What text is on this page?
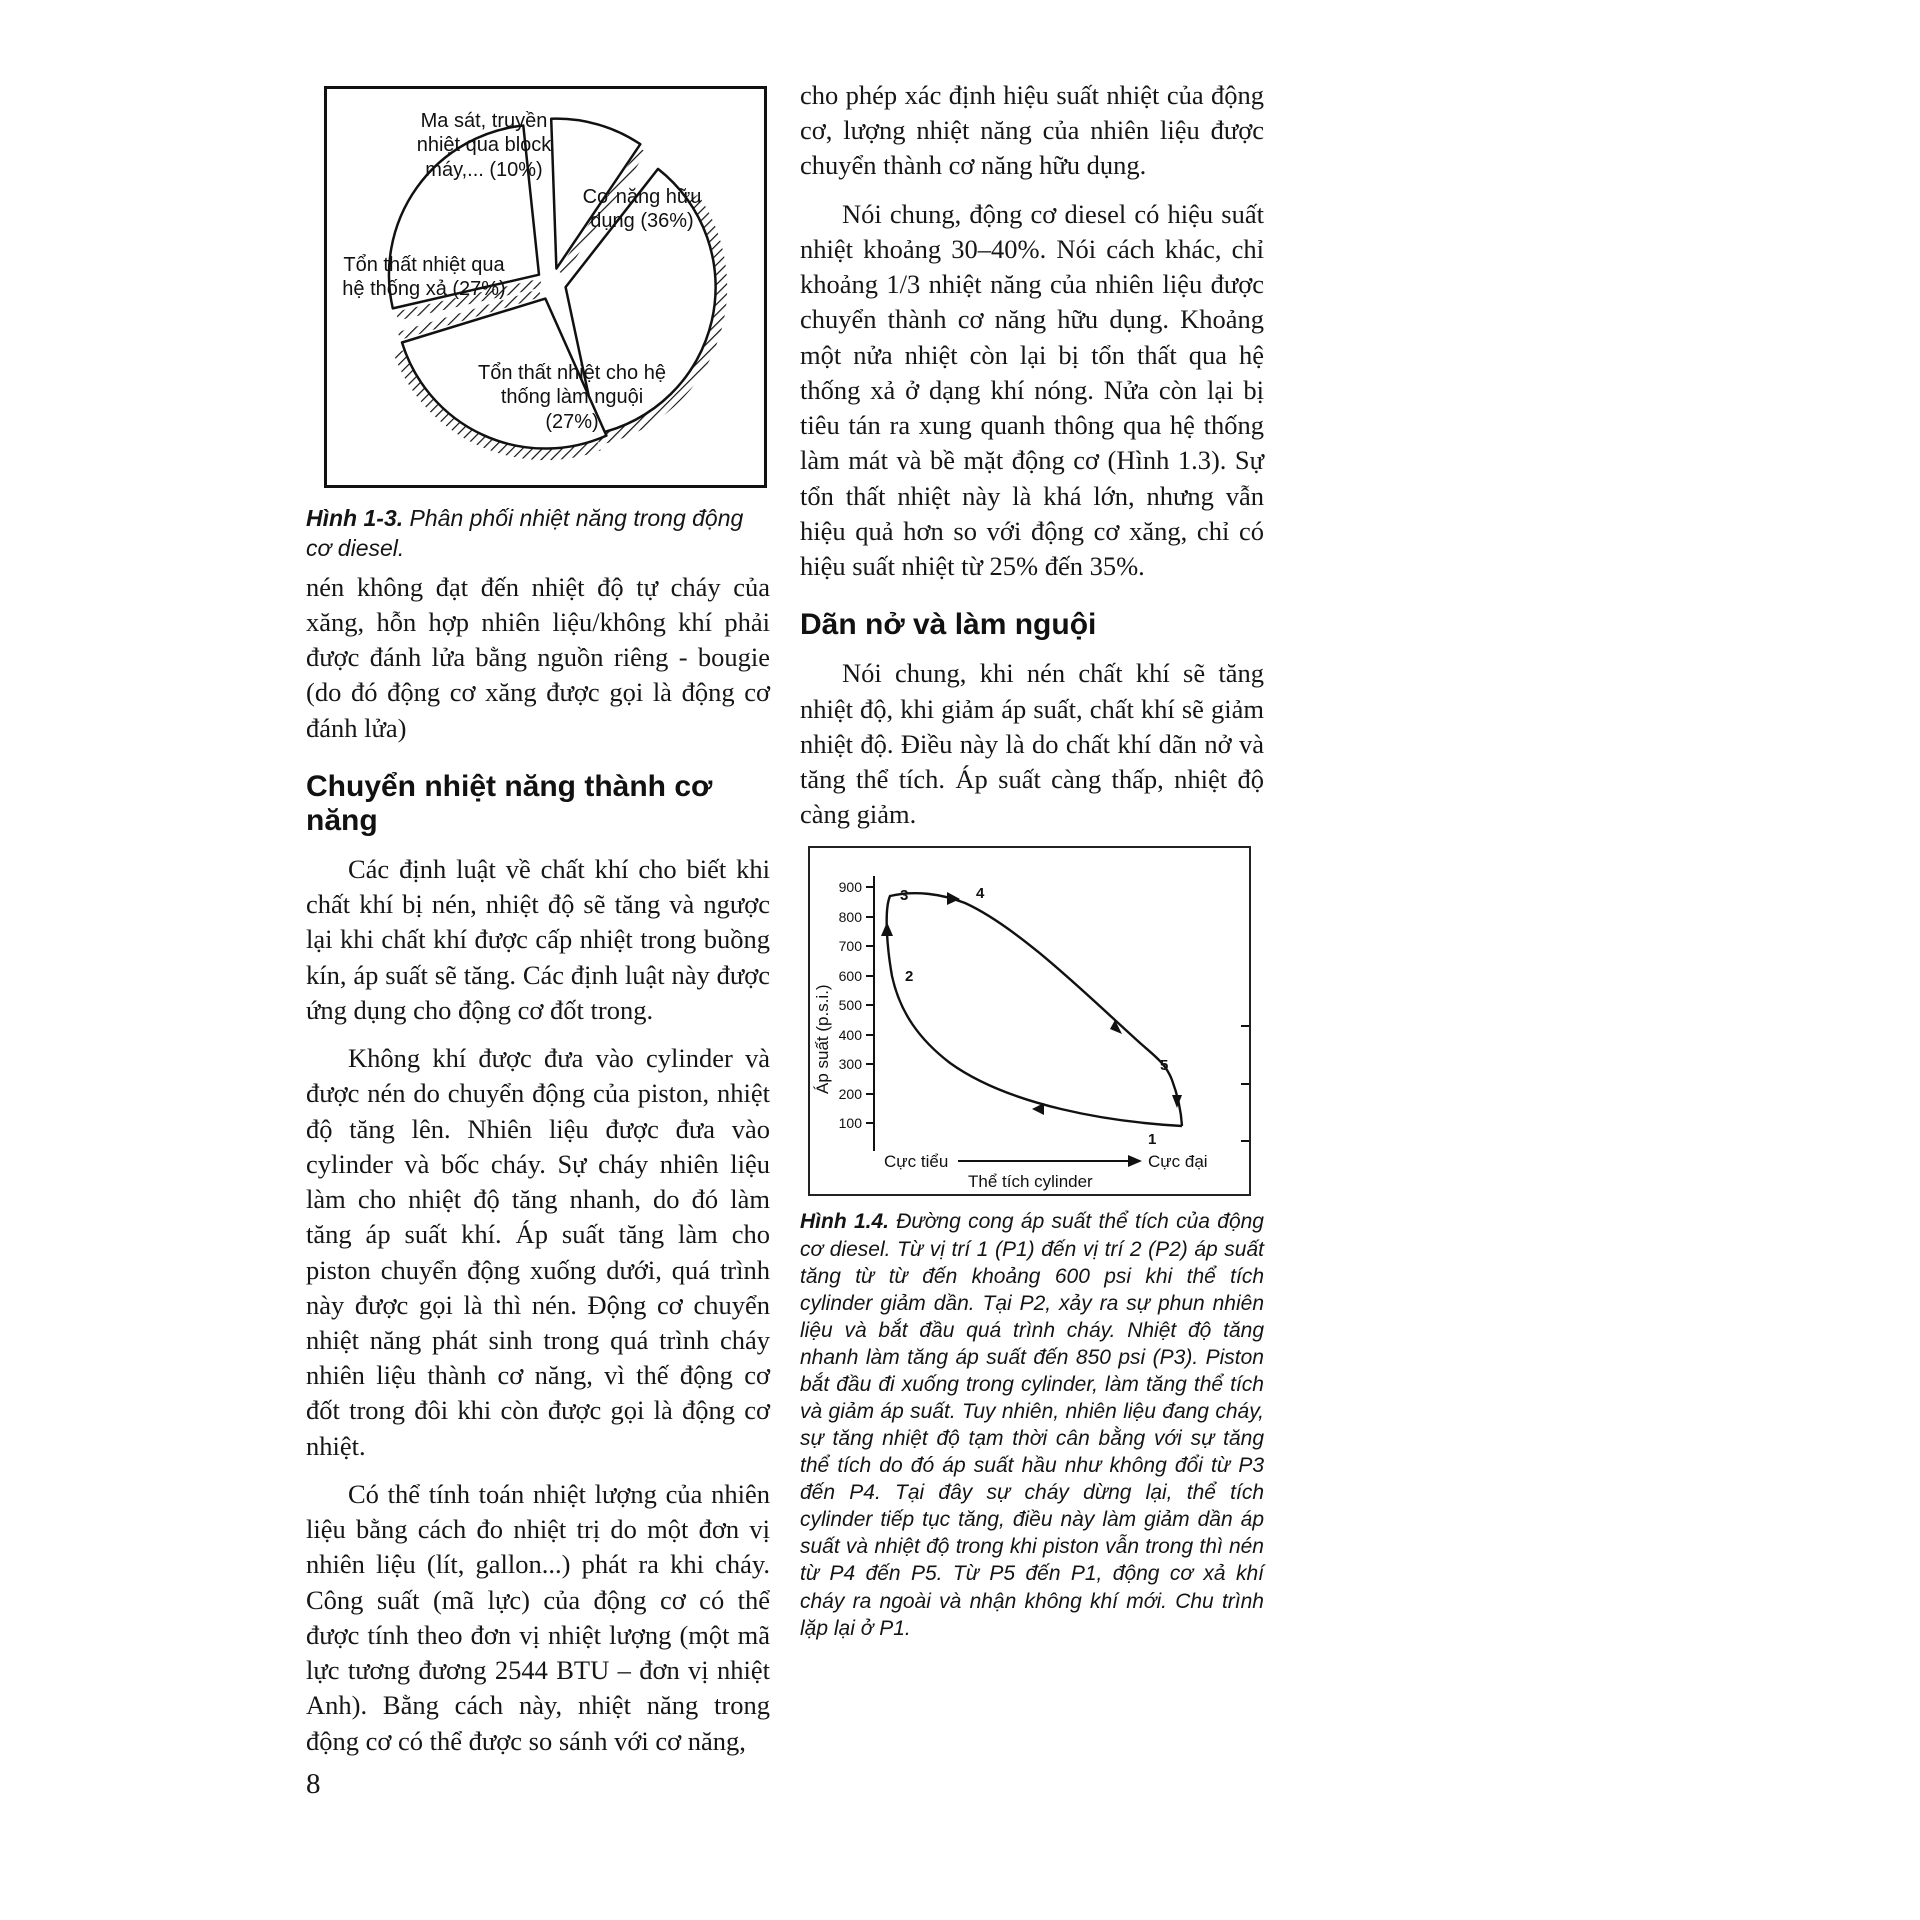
Ma sát, truyền nhiệt qua block máy,... (10%)
Cơ năng hữu dụng (36%)
Tổn thất nhiệt qua hệ thống xả (27%)
Tổn thất nhiệt cho hệ thống làm nguội (27%)
Hình 1-3. Phân phối nhiệt năng trong động cơ diesel.

nén không đạt đến nhiệt độ tự cháy của xăng, hỗn hợp nhiên liệu/không khí phải được đánh lửa bằng nguồn riêng - bougie (do đó động cơ xăng được gọi là động cơ đánh lửa)

Chuyển nhiệt năng thành cơ năng

Các định luật về chất khí cho biết khi chất khí bị nén, nhiệt độ sẽ tăng và ngược lại khi chất khí được cấp nhiệt trong buồng kín, áp suất sẽ tăng. Các định luật này được ứng dụng cho động cơ đốt trong.

Không khí được đưa vào cylinder và được nén do chuyển động của piston, nhiệt độ tăng lên. Nhiên liệu được đưa vào cylinder và bốc cháy. Sự cháy nhiên liệu làm cho nhiệt độ tăng nhanh, do đó làm tăng áp suất khí. Áp suất tăng làm cho piston chuyển động xuống dưới, quá trình này được gọi là thì nén. Động cơ chuyển nhiệt năng phát sinh trong quá trình cháy nhiên liệu thành cơ năng, vì thế động cơ đốt trong đôi khi còn được gọi là động cơ nhiệt.

Có thể tính toán nhiệt lượng của nhiên liệu bằng cách đo nhiệt trị do một đơn vị nhiên liệu (lít, gallon...) phát ra khi cháy. Công suất (mã lực) của động cơ có thể được tính theo đơn vị nhiệt lượng (một mã lực tương đương 2544 BTU – đơn vị nhiệt Anh). Bằng cách này, nhiệt năng trong động cơ có thể được so sánh với cơ năng,

cho phép xác định hiệu suất nhiệt của động cơ, lượng nhiệt năng của nhiên liệu được chuyển thành cơ năng hữu dụng.

Nói chung, động cơ diesel có hiệu suất nhiệt khoảng 30–40%. Nói cách khác, chỉ khoảng 1/3 nhiệt năng của nhiên liệu được chuyển thành cơ năng hữu dụng. Khoảng một nửa nhiệt còn lại bị tổn thất qua hệ thống xả ở dạng khí nóng. Nửa còn lại bị tiêu tán ra xung quanh thông qua hệ thống làm mát và bề mặt động cơ (Hình 1.3). Sự tổn thất nhiệt này là khá lớn, nhưng vẫn hiệu quả hơn so với động cơ xăng, chỉ có hiệu suất nhiệt từ 25% đến 35%.

Dãn nở và làm nguội

Nói chung, khi nén chất khí sẽ tăng nhiệt độ, khi giảm áp suất, chất khí sẽ giảm nhiệt độ. Điều này là do chất khí dãn nở và tăng thể tích. Áp suất càng thấp, nhiệt độ càng giảm.

900
800
700
600
500
400
300
200
100
Áp suất (p.s.i.)
1
2
3	4
5
Cực tiểu	Cực đại
Thể tích cylinder

Hình 1.4. Đường cong áp suất thể tích của động cơ diesel. Từ vị trí 1 (P1) đến vị trí 2 (P2) áp suất tăng từ từ đến khoảng 600 psi khi thể tích cylinder giảm dần. Tại P2, xảy ra sự phun nhiên liệu và bắt đầu quá trình cháy. Nhiệt độ tăng nhanh làm tăng áp suất đến 850 psi (P3). Piston bắt đầu đi xuống trong cylinder, làm tăng thể tích và giảm áp suất. Tuy nhiên, nhiên liệu đang cháy, sự tăng nhiệt độ tạm thời cân bằng với sự tăng thể tích do đó áp suất hầu như không đổi từ P3 đến P4. Tại đây sự cháy dừng lại, thể tích cylinder tiếp tục tăng, điều này làm giảm dần áp suất và nhiệt độ trong khi piston vẫn trong thì nén từ P4 đến P5. Từ P5 đến P1, động cơ xả khí cháy ra ngoài và nhận không khí mới. Chu trình lặp lại ở P1.

8
